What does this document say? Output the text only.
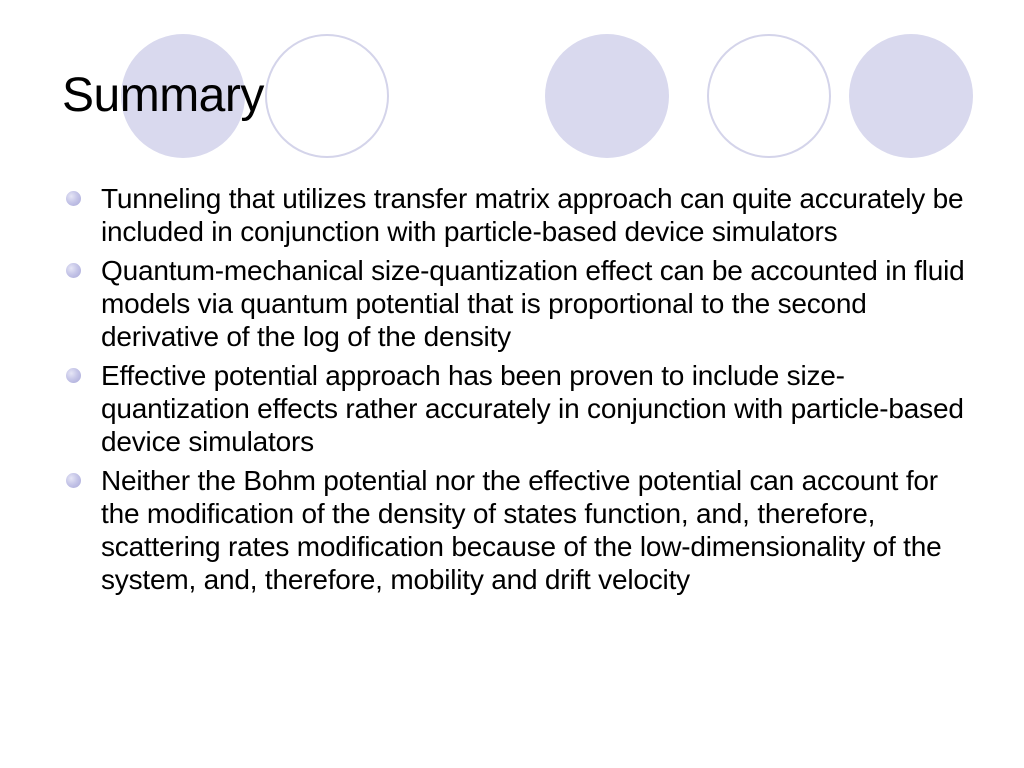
Summary
Tunneling that utilizes transfer matrix approach can quite accurately be included in conjunction with particle-based device simulators
Quantum-mechanical size-quantization effect can be accounted in fluid models via quantum potential that is proportional to the second derivative of the log of the density
Effective potential approach has been proven to include size-quantization effects rather accurately in conjunction with particle-based device simulators
Neither the Bohm potential nor the effective potential can account for the modification of the density of states function, and, therefore, scattering rates modification because of the low-dimensionality of the system, and, therefore, mobility and drift velocity
